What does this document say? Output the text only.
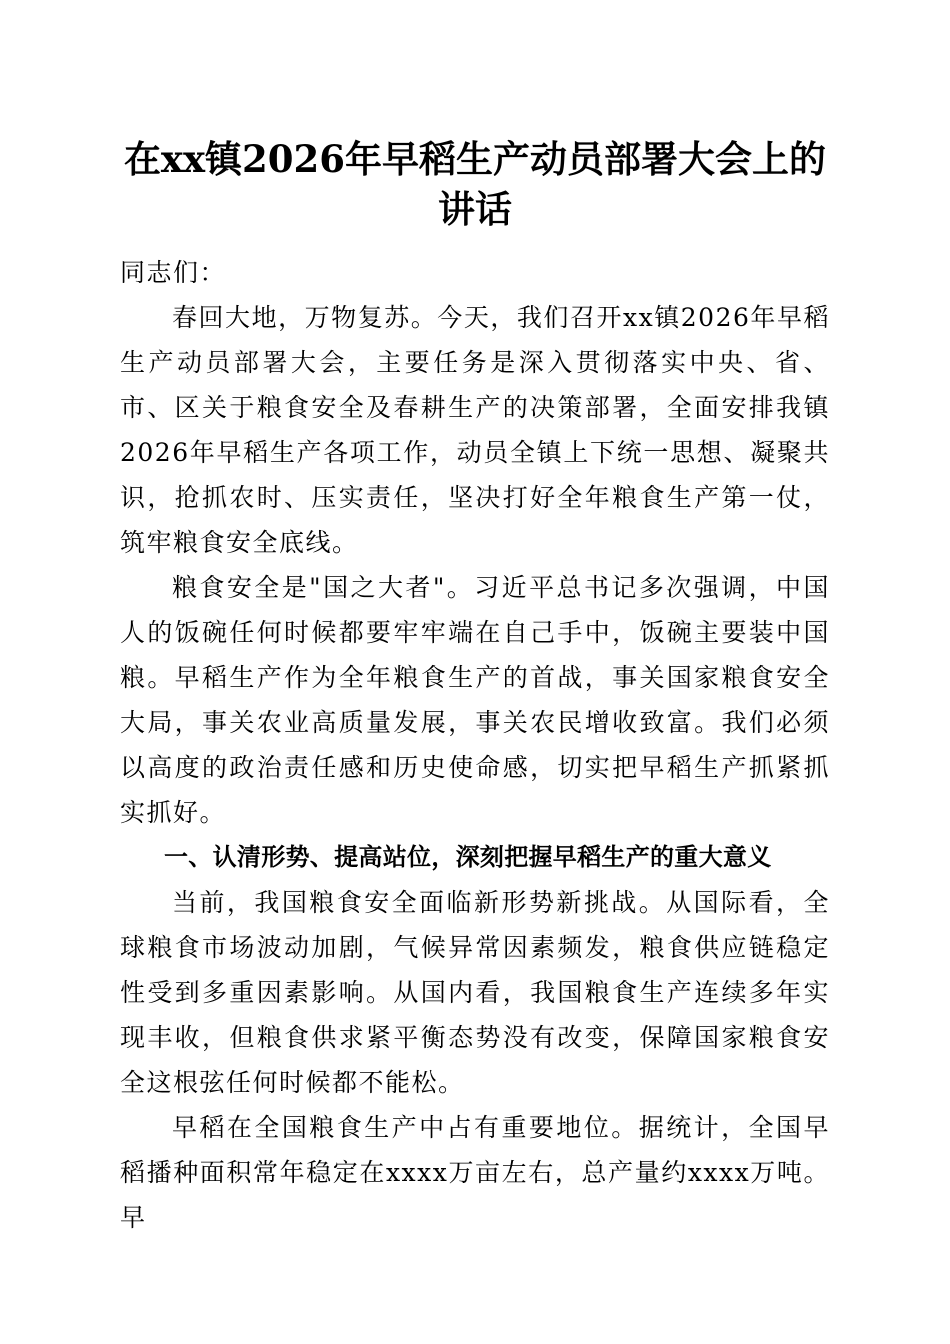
在xx镇2026年早稻生产动员部署大会上的讲话

同志们：

春回大地，万物复苏。今天，我们召开xx镇2026年早稻生产动员部署大会，主要任务是深入贯彻落实中央、省、市、区关于粮食安全及春耕生产的决策部署，全面安排我镇2026年早稻生产各项工作，动员全镇上下统一思想、凝聚共识，抢抓农时、压实责任，坚决打好全年粮食生产第一仗，筑牢粮食安全底线。

粮食安全是"国之大者"。习近平总书记多次强调，中国人的饭碗任何时候都要牢牢端在自己手中，饭碗主要装中国粮。早稻生产作为全年粮食生产的首战，事关国家粮食安全大局，事关农业高质量发展，事关农民增收致富。我们必须以高度的政治责任感和历史使命感，切实把早稻生产抓紧抓实抓好。

一、认清形势、提高站位，深刻把握早稻生产的重大意义

当前，我国粮食安全面临新形势新挑战。从国际看，全球粮食市场波动加剧，气候异常因素频发，粮食供应链稳定性受到多重因素影响。从国内看，我国粮食生产连续多年实现丰收，但粮食供求紧平衡态势没有改变，保障国家粮食安全这根弦任何时候都不能松。

早稻在全国粮食生产中占有重要地位。据统计，全国早稻播种面积常年稳定在xxxx万亩左右，总产量约xxxx万吨。早
